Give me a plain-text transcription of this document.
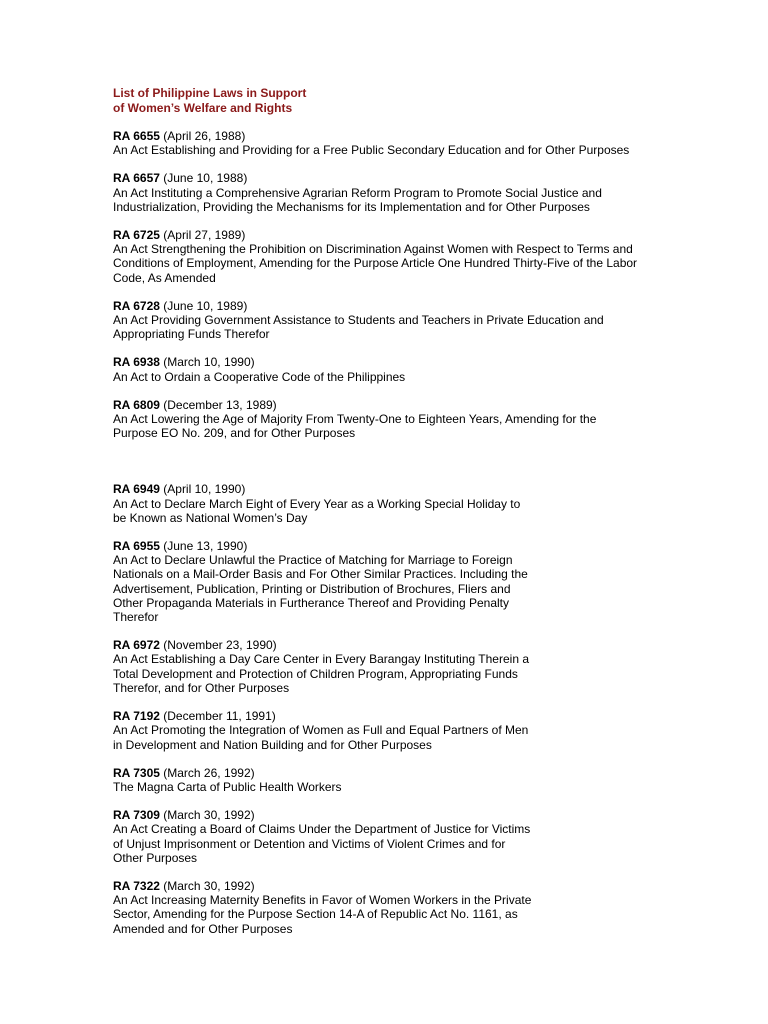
List of Philippine Laws in Support
of Women’s Welfare and Rights
RA 6655 (April 26, 1988)
An Act Establishing and Providing for a Free Public Secondary Education and for Other Purposes
RA 6657 (June 10, 1988)
An Act Instituting a Comprehensive Agrarian Reform Program to Promote Social Justice and
Industrialization, Providing the Mechanisms for its Implementation and for Other Purposes
RA 6725 (April 27, 1989)
An Act Strengthening the Prohibition on Discrimination Against Women with Respect to Terms and
Conditions of Employment, Amending for the Purpose Article One Hundred Thirty-Five of the Labor
Code, As Amended
RA 6728 (June 10, 1989)
An Act Providing Government Assistance to Students and Teachers in Private Education and
Appropriating Funds Therefor
RA 6938 (March 10, 1990)
An Act to Ordain a Cooperative Code of the Philippines
RA 6809 (December 13, 1989)
An Act Lowering the Age of Majority From Twenty-One to Eighteen Years, Amending for the
Purpose EO No. 209, and for Other Purposes
RA 6949 (April 10, 1990)
An Act to Declare March Eight of Every Year as a Working Special Holiday to
be Known as National Women’s Day
RA 6955 (June 13, 1990)
An Act to Declare Unlawful the Practice of Matching for Marriage to Foreign
Nationals on a Mail-Order Basis and For Other Similar Practices. Including the
Advertisement, Publication, Printing or Distribution of Brochures, Fliers and
Other Propaganda Materials in Furtherance Thereof and Providing Penalty
Therefor
RA 6972 (November 23, 1990)
An Act Establishing a Day Care Center in Every Barangay Instituting Therein a
Total Development and Protection of Children Program, Appropriating Funds
Therefor, and for Other Purposes
RA 7192 (December 11, 1991)
An Act Promoting the Integration of Women as Full and Equal Partners of Men
in Development and Nation Building and for Other Purposes
RA 7305 (March 26, 1992)
The Magna Carta of Public Health Workers
RA 7309 (March 30, 1992)
An Act Creating a Board of Claims Under the Department of Justice for Victims
of Unjust Imprisonment or Detention and Victims of Violent Crimes and for
Other Purposes
RA 7322 (March 30, 1992)
An Act Increasing Maternity Benefits in Favor of Women Workers in the Private
Sector, Amending for the Purpose Section 14-A of Republic Act No. 1161, as
Amended and for Other Purposes
